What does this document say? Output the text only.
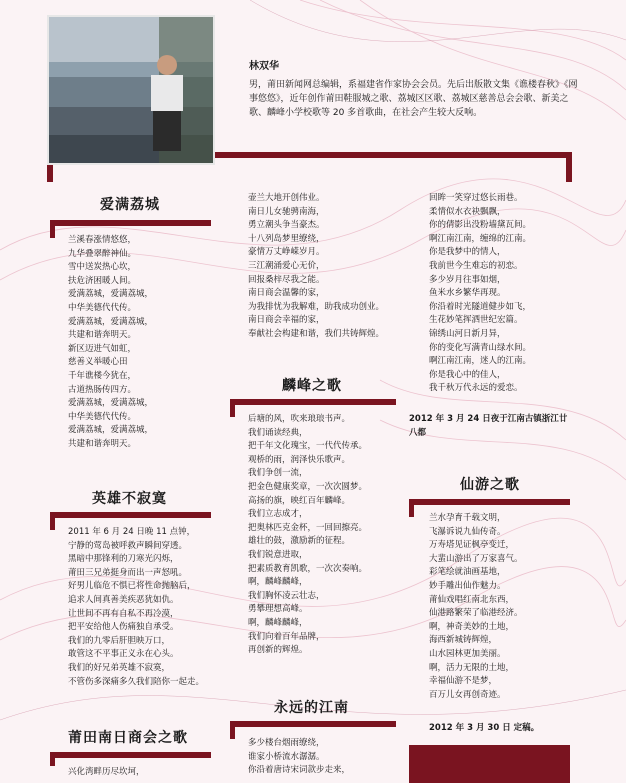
林双华
男，莆田新闻网总编辑，系福建省作家协会会员。先后出版散文集《谯楼春秋》《网事悠悠》，近年创作莆田鞋服城之歌、荔城区区歌、荔城区慈善总会会歌、新美之歌、麟峰小学校歌等 20 多首歌曲，在社会产生较大反响。
爱满荔城
兰溪春涨情悠悠，
九华叠翠醉神仙。
雪中送炭热心坎，
扶危济困暖人间。
爱满荔城，爱满荔城，
中华美德代代传。
爱满荔城，爱满荔城，
共建和谐奔明天。
新区迈进气如虹，
慈善义举暖心田
千年谯楼今犹在，
古道热肠传四方。
爱满荔城，爱满荔城，
中华美德代代传。
爱满荔城，爱满荔城，
共建和谐奔明天。
英雄不寂寞
2011 年 6 月 24 日晚 11 点钟，
宁静的莺岛被呼救声瞬间穿透。
黑暗中那锋利的刀寒光闪烁，
莆田三兄弟挺身而出一声怒吼。
好男儿临危不惧已将性命抛脑后，
追求人间真善美疾恶犹如仇。
让世间不再有自私不再冷漠，
把平安给他人伤痛独自承受。
我们的九零后肝胆映万口，
敢管这不平事正义永在心头。
我们的好兄弟英雄不寂寞，
不管伤多深痛多久我们陪你一起走。
莆田南日商会之歌
兴化湾畔历尽坎坷，
壶兰大地开创伟业。
南日儿女驰骋南海，
勇立潮头争当豪杰。
十八列岛梦里缭绕，
豪情万丈峥嵘岁月。
三江潮涌爱心无价，
回报桑梓尽我之能。
南日商会温馨的家，
为我排忧为我解难，助我成功创业。
南日商会幸福的家，
奉献社会构建和谐，我们共铸辉煌。
麟峰之歌
后塘的风，吹来琅琅书声。
我们诵读经典，
把千年文化瑰宝，一代代传承。
观桥的雨，润泽快乐歌声。
我们争创一流，
把金色健康奖章，一次次圆梦。
高扬的旗，映红百年麟峰。
我们立志成才，
把奥林匹克金杯，一回回擦亮。
雄壮的鼓，激励新的征程。
我们锐意进取，
把素质教育凯歌，一次次奏响。
啊，麟峰麟峰，
我们胸怀凌云壮志，
勇攀理想高峰。
啊，麟峰麟峰，
我们向着百年品牌，
再创新的辉煌。
永远的江南
多少楼台烟雨缭绕，
谁家小桥流水潺潺。
你沿着唐诗宋词款步走来，
回眸一笑穿过悠长雨巷。
柔情似水衣袂飘飘，
你的倩影出没粉墙黛瓦间。
啊江南江南，缠绵的江南。
你是我梦中的情人，
我前世今生难忘的初恋。
多少岁月往事如烟，
鱼米水乡繁华再现。
你沿着时光隧道健步如飞，
生花妙笔挥洒世纪宏篇。
锦绣山河日新月异，
你的变化写满青山绿水间。
啊江南江南，迷人的江南。
你是我心中的佳人，
我千秋万代永远的爱恋。
2012 年 3 月 24 日夜于江南古镇浙江廿八都
仙游之歌
兰水孕育千载文明，
飞瀑诉说九仙传奇。
万寿塔见证枫亭变迁，
大蜚山游出了万家喜气。
彩笔绘就油画基地，
妙手雕出仙作魅力。
莆仙戏唱红南北东西，
仙港路繁荣了临港经济。
啊，神奇美妙的土地，
海西新城铸辉煌，
山水园林更加美丽。
啊，活力无限的土地，
幸福仙游不是梦，
百万儿女再创奇迹。
2012 年 3 月 30 日 定稿。
